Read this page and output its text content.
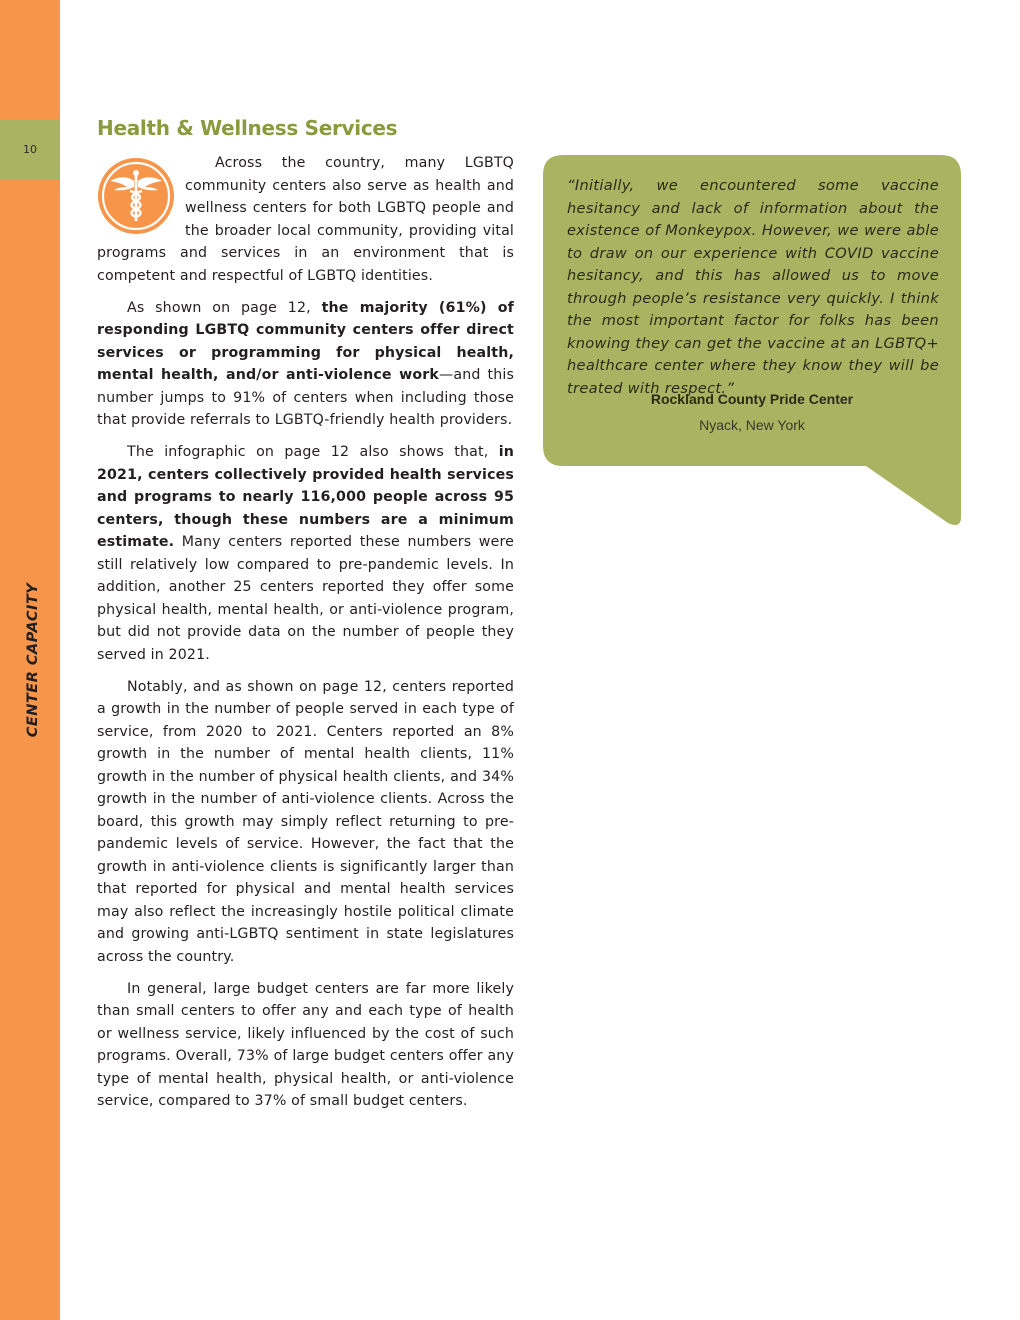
10
CENTER CAPACITY
Health & Wellness Services

Across the country, many LGBTQ community centers also serve as health and wellness centers for both LGBTQ people and the broader local community, providing vital programs and services in an environment that is competent and respectful of LGBTQ identities.

As shown on page 12, the majority (61%) of responding LGBTQ community centers offer direct services or programming for physical health, mental health, and/or anti-violence work—and this number jumps to 91% of centers when including those that provide referrals to LGBTQ-friendly health providers.

The infographic on page 12 also shows that, in 2021, centers collectively provided health services and programs to nearly 116,000 people across 95 centers, though these numbers are a minimum estimate. Many centers reported these numbers were still relatively low compared to pre-pandemic levels. In addition, another 25 centers reported they offer some physical health, mental health, or anti-violence program, but did not provide data on the number of people they served in 2021.

Notably, and as shown on page 12, centers reported a growth in the number of people served in each type of service, from 2020 to 2021. Centers reported an 8% growth in the number of mental health clients, 11% growth in the number of physical health clients, and 34% growth in the number of anti-violence clients. Across the board, this growth may simply reflect returning to pre-pandemic levels of service. However, the fact that the growth in anti-violence clients is significantly larger than that reported for physical and mental health services may also reflect the increasingly hostile political climate and growing anti-LGBTQ sentiment in state legislatures across the country.

In general, large budget centers are far more likely than small centers to offer any and each type of health or wellness service, likely influenced by the cost of such programs. Overall, 73% of large budget centers offer any type of mental health, physical health, or anti-violence service, compared to 37% of small budget centers.

“Initially, we encountered some vaccine hesitancy and lack of information about the existence of Monkeypox. However, we were able to draw on our experience with COVID vaccine hesitancy, and this has allowed us to move through people’s resistance very quickly. I think the most important factor for folks has been knowing they can get the vaccine at an LGBTQ+ healthcare center where they know they will be treated with respect.”
Rockland County Pride Center
Nyack, New York
